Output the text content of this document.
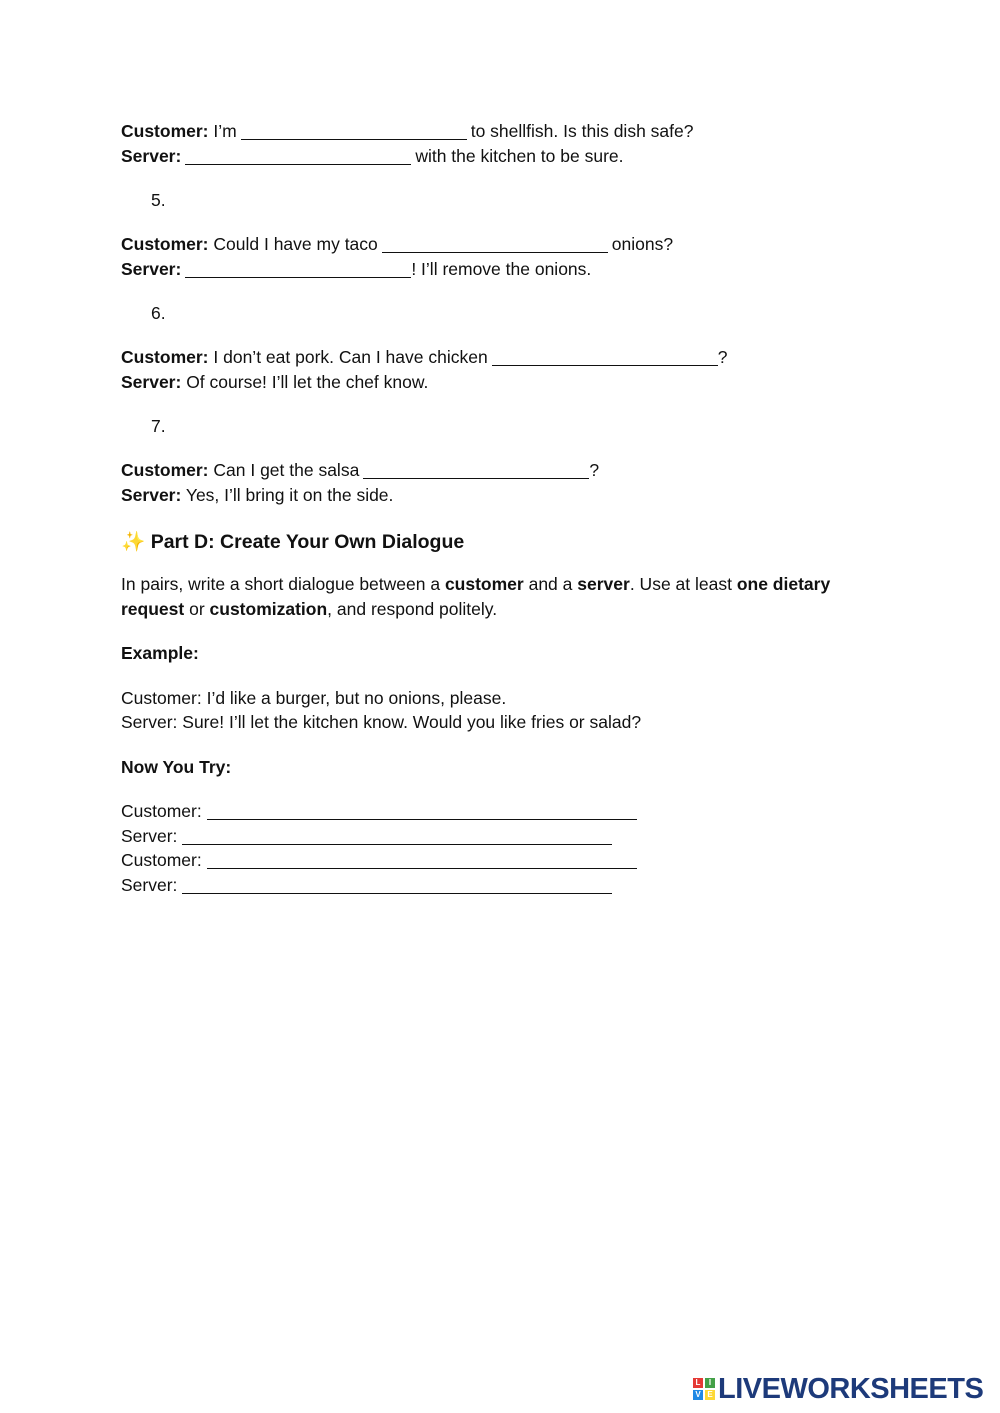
Customer: I’m	to shellfish. Is this dish safe?
Server:	with the kitchen to be sure.
5.
Customer: Could I have my taco	onions?
Server:	! I’ll remove the onions.
6.
Customer: I don’t eat pork. Can I have chicken	?
Server: Of course! I’ll let the chef know.
7.
Customer: Can I get the salsa	?
Server: Yes, I’ll bring it on the side.
✨ Part D: Create Your Own Dialogue
In pairs, write a short dialogue between a customer and a server. Use at least one dietary request or customization, and respond politely.
Example:
Customer: I’d like a burger, but no onions, please.
Server: Sure! I’ll let the kitchen know. Would you like fries or salad?
Now You Try:
Customer:
Server:
Customer:
Server:
L	I
V E LIVEWORKSHEETS
